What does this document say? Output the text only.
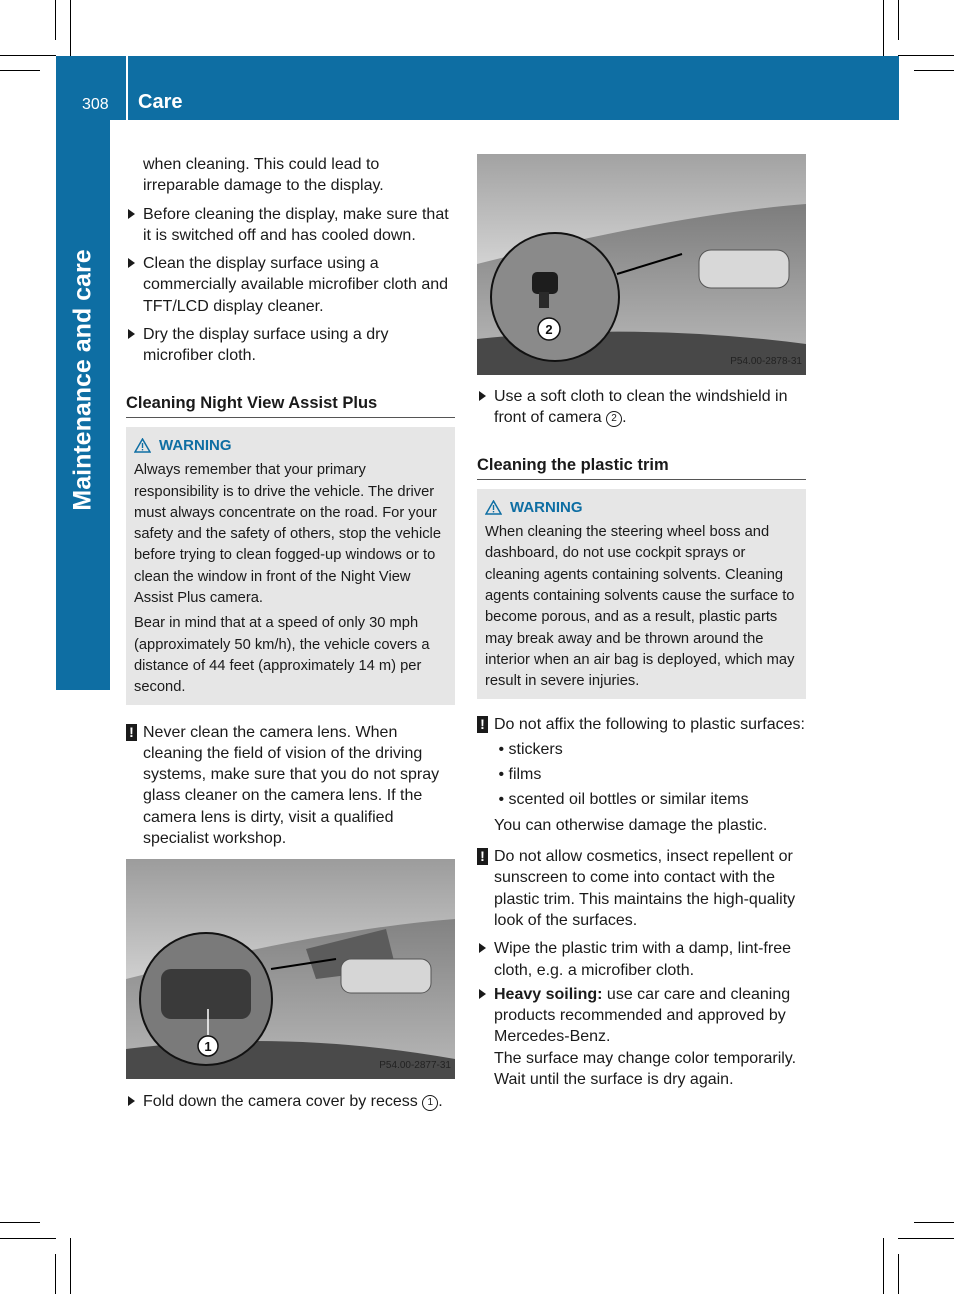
308 Care
Maintenance and care

when cleaning. This could lead to irreparable damage to the display.

Before cleaning the display, make sure that it is switched off and has cooled down.
Clean the display surface using a commercially available microfiber cloth and TFT/LCD display cleaner.
Dry the display surface using a dry microfiber cloth.
Cleaning Night View Assist Plus
WARNING

Always remember that your primary responsibility is to drive the vehicle. The driver must always concentrate on the road. For your safety and the safety of others, stop the vehicle before trying to clean fogged-up windows or to clean the window in front of the Night View Assist Plus camera.

Bear in mind that at a speed of only 30 mph (approximately 50 km/h), the vehicle covers a distance of 44 feet (approximately 14 m) per second.

! Never clean the camera lens. When cleaning the field of vision of the driving systems, make sure that you do not spray glass cleaner on the camera lens. If the camera lens is dirty, visit a qualified specialist workshop.
1
P54.00-2877-31
Fold down the camera cover by recess 1 .
2
P54.00-2878-31
Use a soft cloth to clean the windshield in front of camera 2 .
Cleaning the plastic trim
WARNING

When cleaning the steering wheel boss and dashboard, do not use cockpit sprays or cleaning agents containing solvents. Cleaning agents containing solvents cause the surface to become porous, and as a result, plastic parts may break away and be thrown around the interior when an air bag is deployed, which may result in severe injuries.

! Do not affix the following to plastic surfaces:
• stickers
• films
• scented oil bottles or similar items

You can otherwise damage the plastic.

! Do not allow cosmetics, insect repellent or sunscreen to come into contact with the plastic trim. This maintains the high-quality look of the surfaces.
Wipe the plastic trim with a damp, lint-free cloth, e.g. a microfiber cloth.
Heavy soiling: use car care and cleaning products recommended and approved by Mercedes-Benz.
The surface may change color temporarily. Wait until the surface is dry again.
